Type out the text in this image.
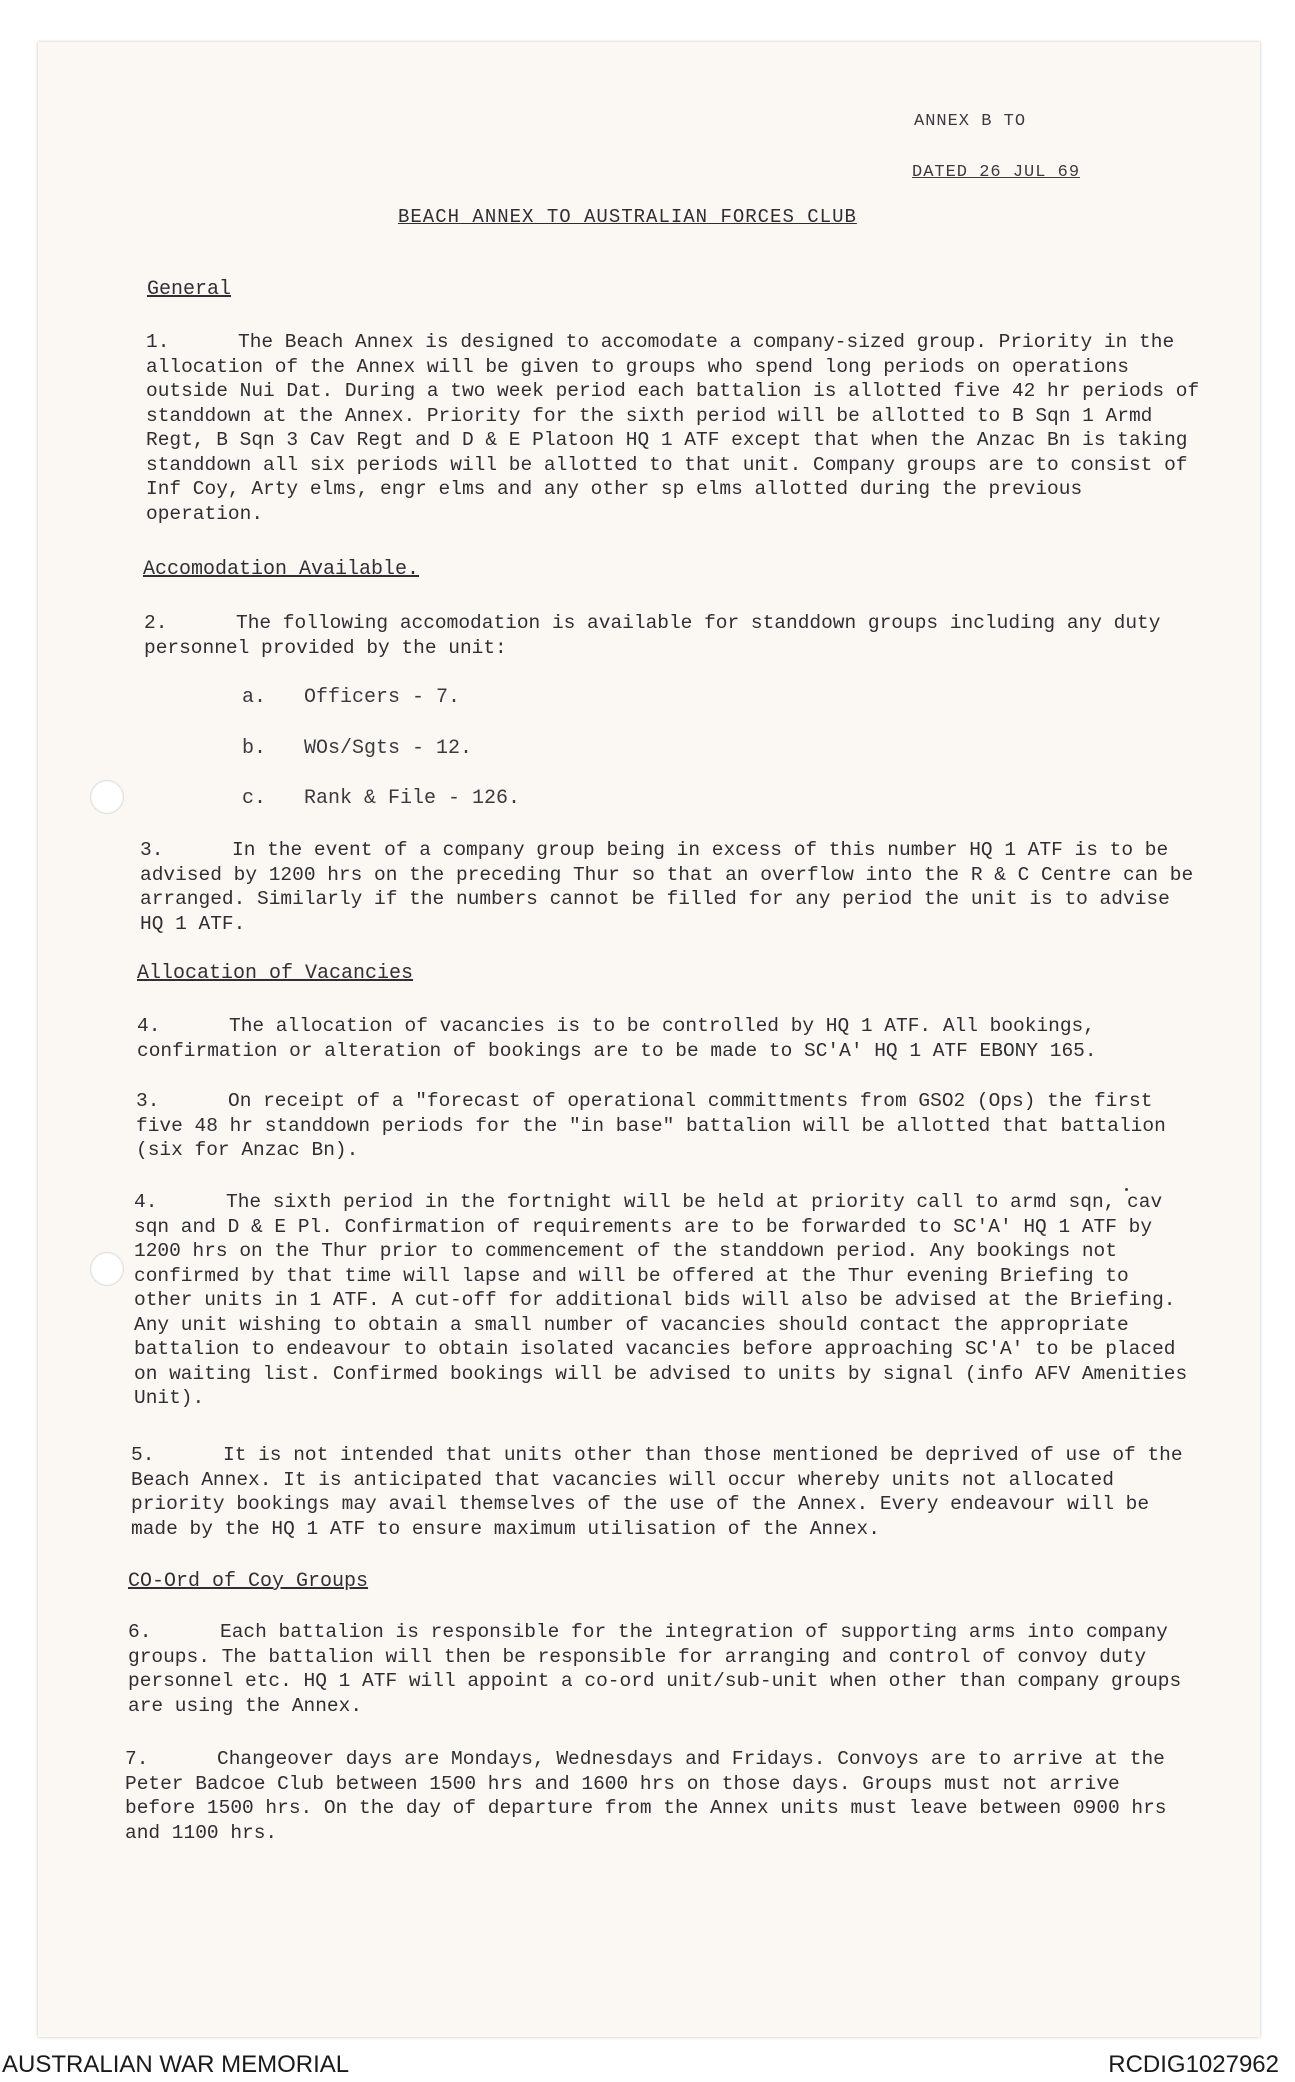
ANNEX B TO
DATED 26 JUL 69
BEACH ANNEX TO AUSTRALIAN FORCES CLUB
General
1.	The Beach Annex is designed to accomodate a company-sized group. Priority in the allocation of the Annex will be given to groups who spend long periods on operations outside Nui Dat. During a two week period each battalion is allotted five 42 hr periods of standdown at the Annex. Priority for the sixth period will be allotted to B Sqn 1 Armd Regt, B Sqn 3 Cav Regt and D & E Platoon HQ 1 ATF except that when the Anzac Bn is taking standdown all six periods will be allotted to that unit. Company groups are to consist of Inf Coy, Arty elms, engr elms and any other sp elms allotted during the previous operation.
Accomodation Available.
2.	The following accomodation is available for standdown groups including any duty personnel provided by the unit:
a. Officers - 7.
b. WOs/Sgts - 12.
c. Rank & File - 126.
3.	In the event of a company group being in excess of this number HQ 1 ATF is to be advised by 1200 hrs on the preceding Thur so that an overflow into the R & C Centre can be arranged. Similarly if the numbers cannot be filled for any period the unit is to advise HQ 1 ATF.
Allocation of Vacancies
4.	The allocation of vacancies is to be controlled by HQ 1 ATF. All bookings, confirmation or alteration of bookings are to be made to SC'A' HQ 1 ATF EBONY 165.
3.	On receipt of a "forecast of operational committments from GSO2 (Ops) the first five 48 hr standdown periods for the "in base" battalion will be allotted that battalion (six for Anzac Bn).
4.	The sixth period in the fortnight will be held at priority call to armd sqn, cav sqn and D & E Pl. Confirmation of requirements are to be forwarded to SC'A' HQ 1 ATF by 1200 hrs on the Thur prior to commencement of the standdown period. Any bookings not confirmed by that time will lapse and will be offered at the Thur evening Briefing to other units in 1 ATF. A cut-off for additional bids will also be advised at the Briefing. Any unit wishing to obtain a small number of vacancies should contact the appropriate battalion to endeavour to obtain isolated vacancies before approaching SC'A' to be placed on waiting list. Confirmed bookings will be advised to units by signal (info AFV Amenities Unit).
5.	It is not intended that units other than those mentioned be deprived of use of the Beach Annex. It is anticipated that vacancies will occur whereby units not allocated priority bookings may avail themselves of the use of the Annex. Every endeavour will be made by the HQ 1 ATF to ensure maximum utilisation of the Annex.
CO-Ord of Coy Groups
6.	Each battalion is responsible for the integration of supporting arms into company groups. The battalion will then be responsible for arranging and control of convoy duty personnel etc. HQ 1 ATF will appoint a co-ord unit/sub-unit when other than company groups are using the Annex.
7.	Changeover days are Mondays, Wednesdays and Fridays. Convoys are to arrive at the Peter Badcoe Club between 1500 hrs and 1600 hrs on those days. Groups must not arrive before 1500 hrs. On the day of departure from the Annex units must leave between 0900 hrs and 1100 hrs.
AUSTRALIAN WAR MEMORIAL	RCDIG1027962
